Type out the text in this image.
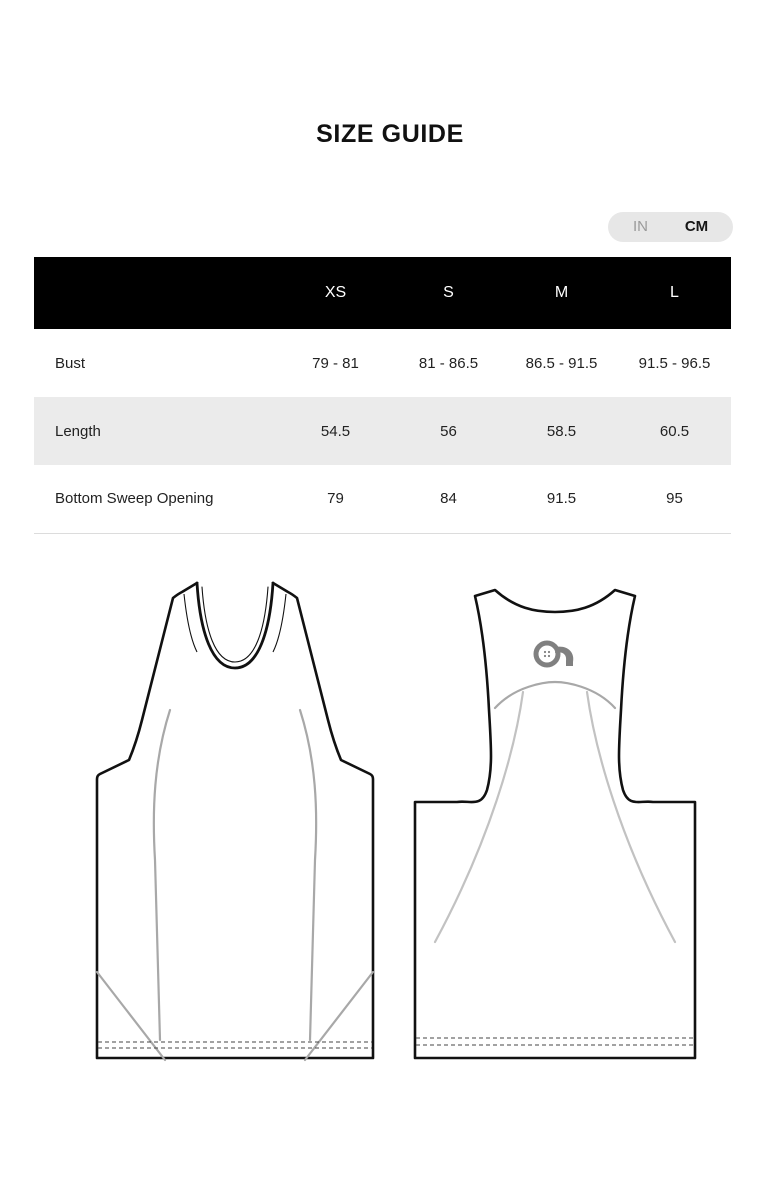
SIZE GUIDE
IN	CM
	XS	S	M	L
Bust	79 - 81	81 - 86.5	86.5 - 91.5	91.5 - 96.5
Length	54.5	56	58.5	60.5
Bottom Sweep Opening	79	84	91.5	95
